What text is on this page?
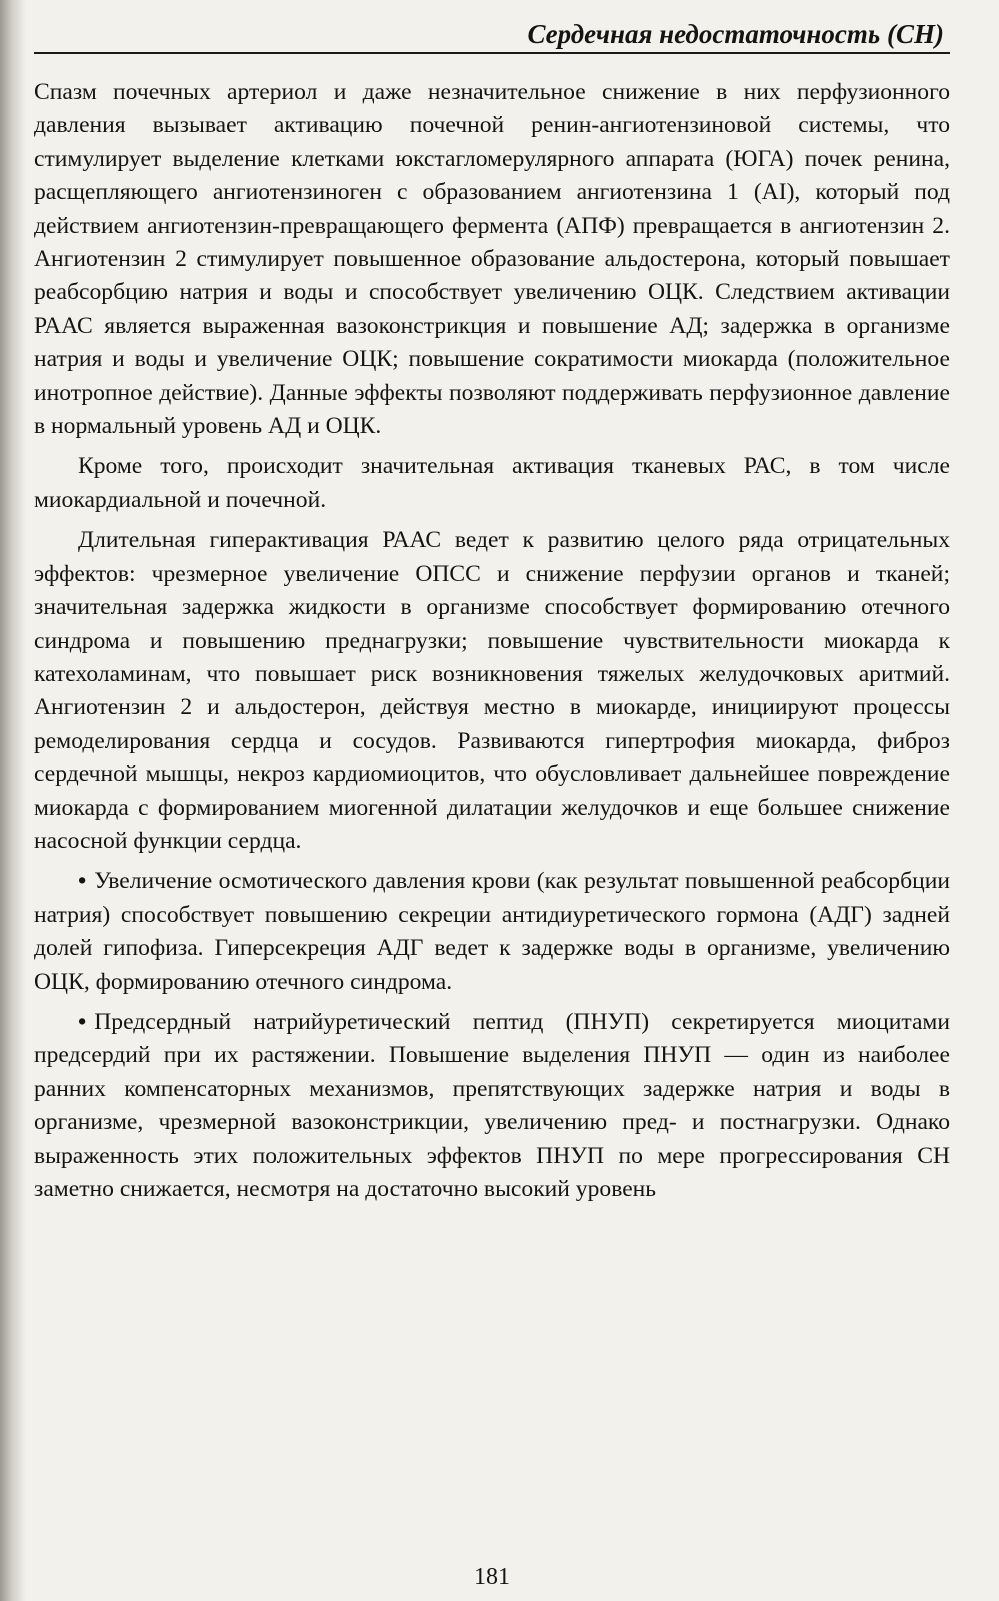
Сердечная недостаточность (СН)

Спазм почечных артериол и даже незначительное снижение в них перфузионного давления вызывает активацию почечной ренин-ангиотензиновой системы, что стимулирует выделение клетками юкстагломерулярного аппарата (ЮГА) почек ренина, расщепляющего ангиотензиноген с образованием ангиотензина 1 (AI), который под действием ангиотензин-превращающего фермента (АПФ) превращается в ангиотензин 2. Ангиотензин 2 стимулирует повышенное образование альдостерона, который повышает реабсорбцию натрия и воды и способствует увеличению ОЦК. Следствием активации РААС является выраженная вазоконстрикция и повышение АД; задержка в организме натрия и воды и увеличение ОЦК; повышение сократимости миокарда (положительное инотропное действие). Данные эффекты позволяют поддерживать перфузионное давление в нормальный уровень АД и ОЦК.

Кроме того, происходит значительная активация тканевых РАС, в том числе миокардиальной и почечной.

Длительная гиперактивация РААС ведет к развитию целого ряда отрицательных эффектов: чрезмерное увеличение ОПСС и снижение перфузии органов и тканей; значительная задержка жидкости в организме способствует формированию отечного синдрома и повышению преднагрузки; повышение чувствительности миокарда к катехоламинам, что повышает риск возникновения тяжелых желудочковых аритмий. Ангиотензин 2 и альдостерон, действуя местно в миокарде, инициируют процессы ремоделирования сердца и сосудов. Развиваются гипертрофия миокарда, фиброз сердечной мышцы, некроз кардиомиоцитов, что обусловливает дальнейшее повреждение миокарда с формированием миогенной дилатации желудочков и еще большее снижение насосной функции сердца.

• Увеличение осмотического давления крови (как результат повышенной реабсорбции натрия) способствует повышению секреции антидиуретического гормона (АДГ) задней долей гипофиза. Гиперсекреция АДГ ведет к задержке воды в организме, увеличению ОЦК, формированию отечного синдрома.

• Предсердный натрийуретический пептид (ПНУП) секретируется миоцитами предсердий при их растяжении. Повышение выделения ПНУП — один из наиболее ранних компенсаторных механизмов, препятствующих задержке натрия и воды в организме, чрезмерной вазоконстрикции, увеличению пред- и постнагрузки. Однако выраженность этих положительных эффектов ПНУП по мере прогрессирования СН заметно снижается, несмотря на достаточно высокий уровень

181
